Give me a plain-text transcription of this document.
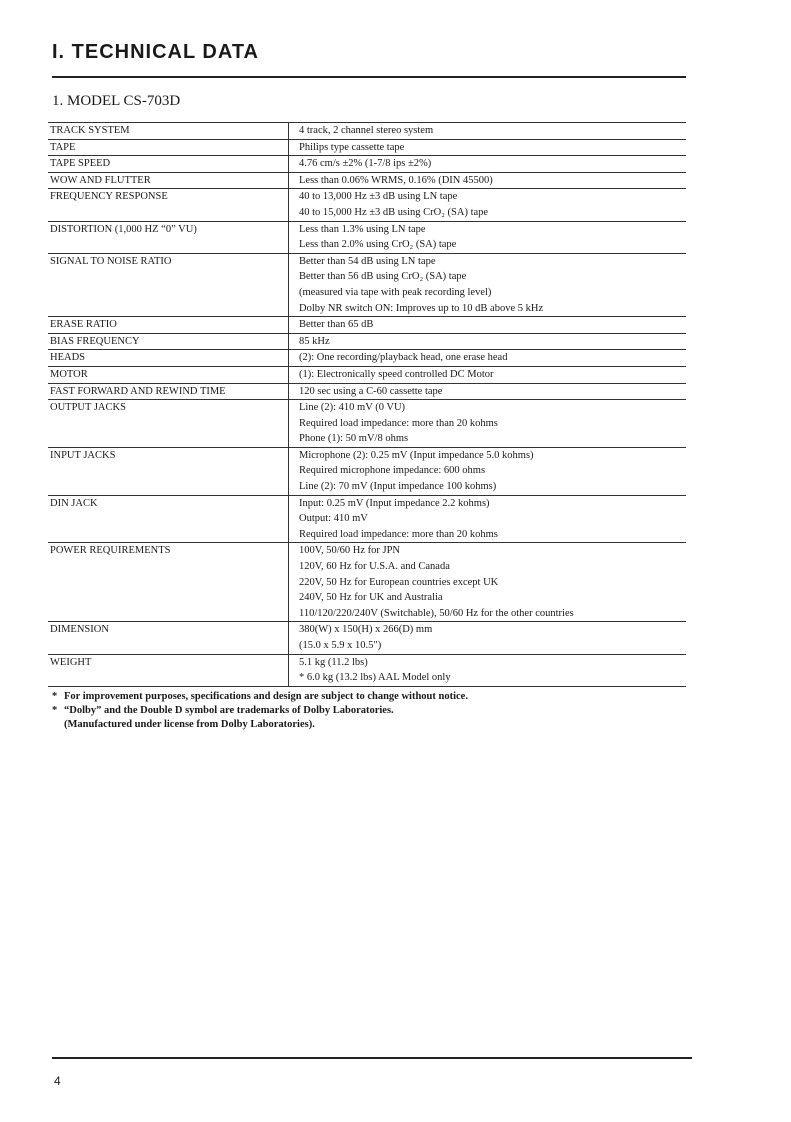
I. TECHNICAL DATA
1. MODEL CS-703D
TRACK SYSTEM	4 track, 2 channel stereo system
TAPE	Philips type cassette tape
TAPE SPEED	4.76 cm/s ±2% (1-7/8 ips ±2%)
WOW AND FLUTTER	Less than 0.06% WRMS, 0.16% (DIN 45500)
FREQUENCY RESPONSE	40 to 13,000 Hz ±3 dB using LN tape
40 to 15,000 Hz ±3 dB using CrO₂ (SA) tape
DISTORTION (1,000 HZ “0” VU)	Less than 1.3% using LN tape
Less than 2.0% using CrO₂ (SA) tape
SIGNAL TO NOISE RATIO	Better than 54 dB using LN tape
Better than 56 dB using CrO₂ (SA) tape
(measured via tape with peak recording level)
Dolby NR switch ON: Improves up to 10 dB above 5 kHz
ERASE RATIO	Better than 65 dB
BIAS FREQUENCY	85 kHz
HEADS	(2): One recording/playback head, one erase head
MOTOR	(1): Electronically speed controlled DC Motor
FAST FORWARD AND REWIND TIME	120 sec using a C-60 cassette tape
OUTPUT JACKS	Line (2): 410 mV (0 VU)
Required load impedance: more than 20 kohms
Phone (1): 50 mV/8 ohms
INPUT JACKS	Microphone (2): 0.25 mV (Input impedance 5.0 kohms)
Required microphone impedance: 600 ohms
Line (2): 70 mV (Input impedance 100 kohms)
DIN JACK	Input: 0.25 mV (Input impedance 2.2 kohms)
Output: 410 mV
Required load impedance: more than 20 kohms
POWER REQUIREMENTS	100V, 50/60 Hz for JPN
120V, 60 Hz for U.S.A. and Canada
220V, 50 Hz for European countries except UK
240V, 50 Hz for UK and Australia
110/120/220/240V (Switchable), 50/60 Hz for the other countries
DIMENSION	380(W) x 150(H) x 266(D) mm
(15.0 x 5.9 x 10.5″)
WEIGHT	5.1 kg (11.2 lbs)
* 6.0 kg (13.2 lbs) AAL Model only
* For improvement purposes, specifications and design are subject to change without notice.
* “Dolby” and the Double D symbol are trademarks of Dolby Laboratories.
(Manufactured under license from Dolby Laboratories).
4
